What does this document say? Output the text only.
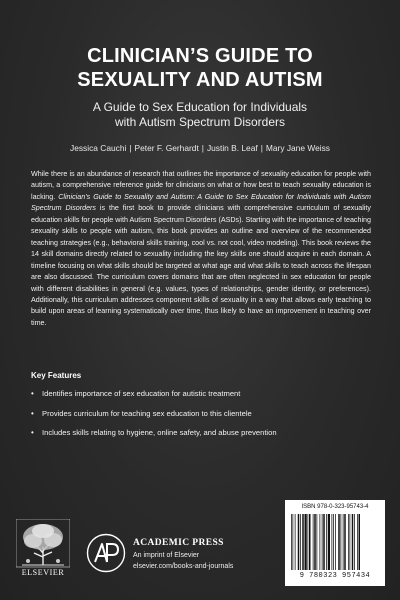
CLINICIAN’S GUIDE TO
SEXUALITY AND AUTISM
A Guide to Sex Education for Individuals
with Autism Spectrum Disorders
Jessica Cauchi | Peter F. Gerhardt | Justin B. Leaf | Mary Jane Weiss
While there is an abundance of research that outlines the importance of sexuality education for people with autism, a comprehensive reference guide for clinicians on what or how best to teach sexuality education is lacking. Clinician’s Guide to Sexuality and Autism: A Guide to Sex Education for Individuals with Autism Spectrum Disorders is the first book to provide clinicians with comprehensive curriculum of sexuality education skills for people with Autism Spectrum Disorders (ASDs). Starting with the importance of teaching sexuality skills to people with autism, this book provides an outline and overview of the recommended teaching strategies (e.g., behavioral skills training, cool vs. not cool, video modeling). This book reviews the 14 skill domains directly related to sexuality including the key skills one should acquire in each domain. A timeline focusing on what skills should be targeted at what age and what skills to teach across the lifespan are also discussed. The curriculum covers domains that are often neglected in sex education for people with different disabilities in general (e.g. values, types of relationships, gender identity, or preferences). Additionally, this curriculum addresses component skills of sexuality in a way that allows early teaching to build upon areas of learning systematically over time, thus likely to have an improvement in teaching over time.
Key Features
• Identifies importance of sex education for autistic treatment
• Provides curriculum for teaching sex education to this clientele
• Includes skills relating to hygiene, online safety, and abuse prevention
ELSEVIER
ACADEMIC PRESS
An imprint of Elsevier
elsevier.com/books-and-journals
ISBN 978-0-323-95743-4
9 780323 957434
